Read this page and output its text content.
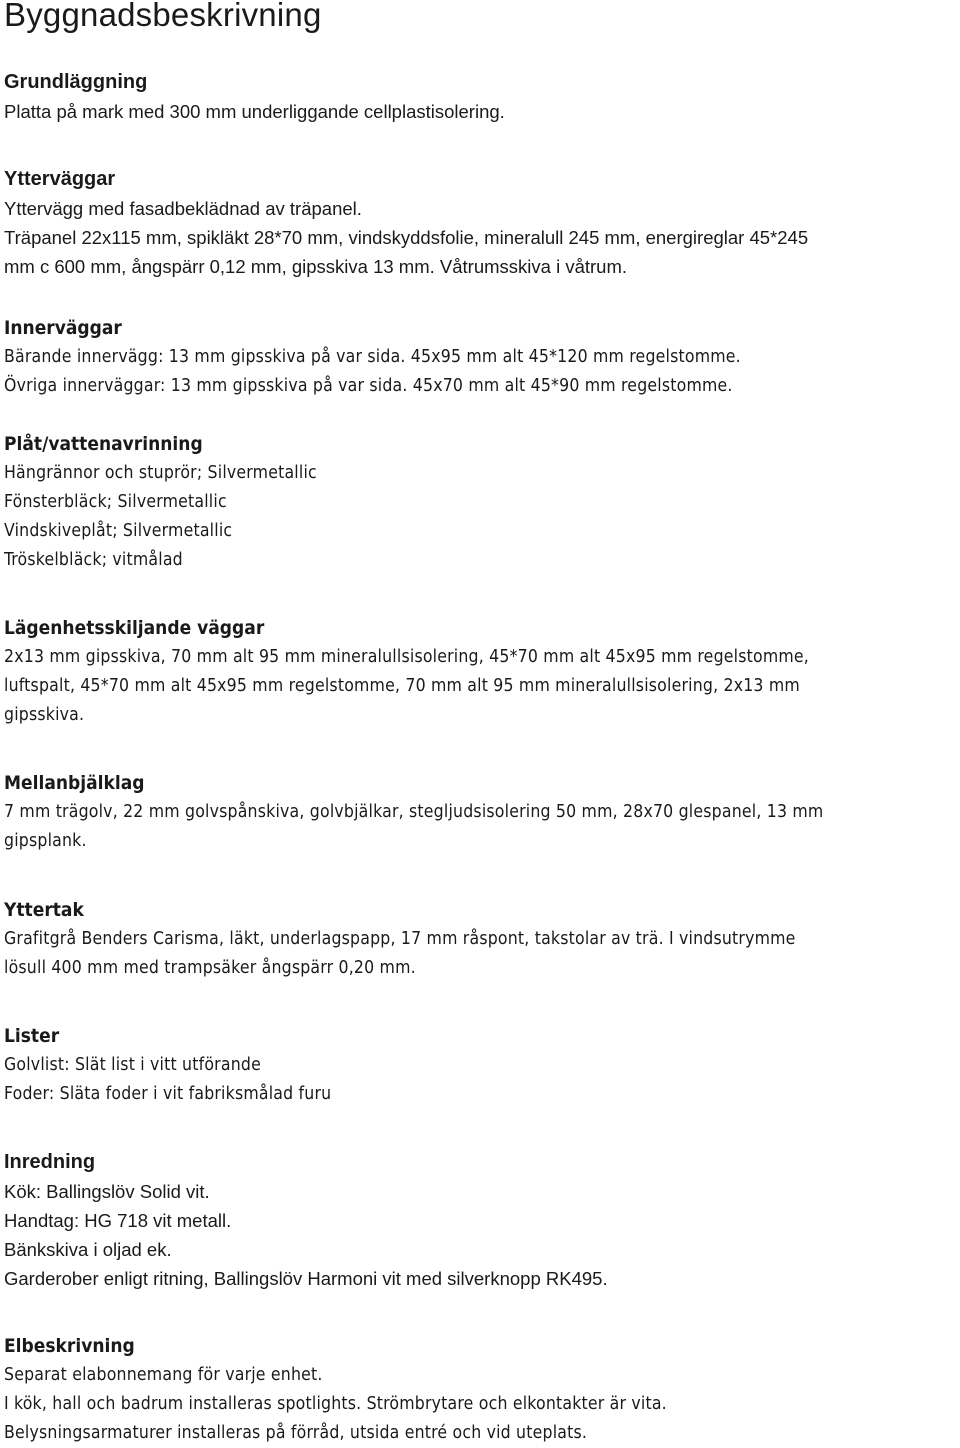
Byggnadsbeskrivning

Grundläggning

Platta på mark med 300 mm underliggande cellplastisolering.

Ytterväggar

Yttervägg med fasadbeklädnad av träpanel.

Träpanel 22x115 mm, spikläkt 28*70 mm, vindskyddsfolie, mineralull 245 mm, energireglar 45*245

mm c 600 mm, ångspärr 0,12 mm, gipsskiva 13 mm. Våtrumsskiva i våtrum.

Innerväggar

Bärande innervägg: 13 mm gipsskiva på var sida. 45x95 mm alt 45*120 mm regelstomme.

Övriga innerväggar: 13 mm gipsskiva på var sida. 45x70 mm alt 45*90 mm regelstomme.

Plåt/vattenavrinning

Hängrännor och stuprör; Silvermetallic

Fönsterbläck; Silvermetallic

Vindskiveplåt; Silvermetallic

Tröskelbläck; vitmålad

Lägenhetsskiljande väggar

2x13 mm gipsskiva, 70 mm alt 95 mm mineralullsisolering, 45*70 mm alt 45x95 mm regelstomme,

luftspalt, 45*70 mm alt 45x95 mm regelstomme, 70 mm alt 95 mm mineralullsisolering, 2x13 mm

gipsskiva.

Mellanbjälklag

7 mm trägolv, 22 mm golvspånskiva, golvbjälkar, stegljudsisolering 50 mm, 28x70 glespanel, 13 mm

gipsplank.

Yttertak

Grafitgrå Benders Carisma, läkt, underlagspapp, 17 mm råspont, takstolar av trä. I vindsutrymme

lösull 400 mm med trampsäker ångspärr 0,20 mm.

Lister

Golvlist: Slät list i vitt utförande

Foder: Släta foder i vit fabriksmålad furu

Inredning

Kök: Ballingslöv Solid vit.

Handtag: HG 718 vit metall.

Bänkskiva i oljad ek.

Garderober enligt ritning, Ballingslöv Harmoni vit med silverknopp RK495.

Elbeskrivning

Separat elabonnemang för varje enhet.

I kök, hall och badrum installeras spotlights. Strömbrytare och elkontakter är vita.

Belysningsarmaturer installeras på förråd, utsida entré och vid uteplats.
